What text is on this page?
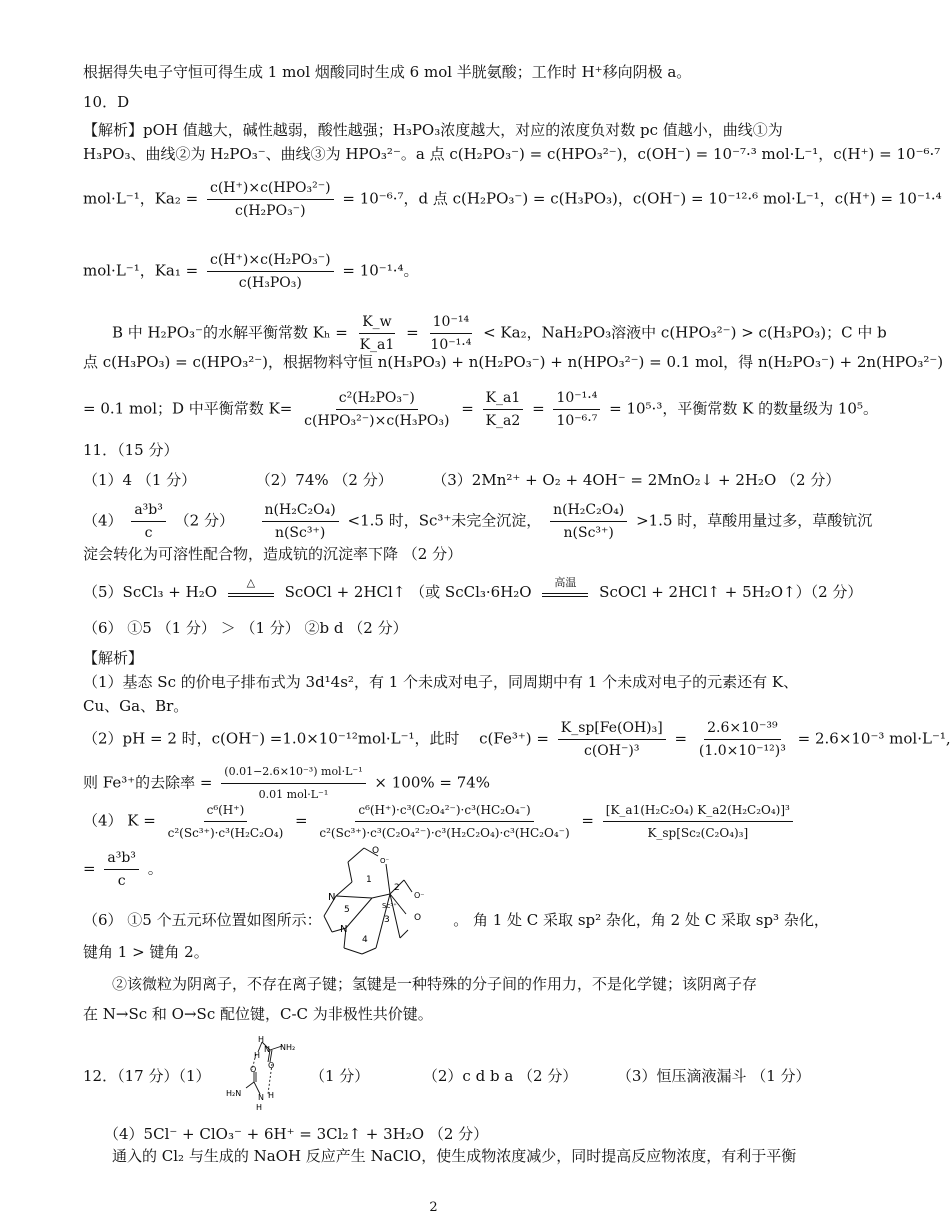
根据得失电子守恒可得生成 1 mol 烟酸同时生成 6 mol 半胱氨酸；工作时 H⁺移向阴极 a。
10．D
【解析】pOH 值越大，碱性越弱，酸性越强；H₃PO₃浓度越大，对应的浓度负对数 pc 值越小，曲线①为
H₃PO₃、曲线②为 H₂PO₃⁻、曲线③为 HPO₃²⁻。a 点 c(H₂PO₃⁻) = c(HPO₃²⁻)，c(OH⁻) = 10⁻⁷·³ mol·L⁻¹，c(H⁺) = 10⁻⁶·⁷
mol·L⁻¹，Ka₂ =
c(H⁺)×c(HPO₃²⁻)
c(H₂PO₃⁻)
= 10⁻⁶·⁷，d 点 c(H₂PO₃⁻) = c(H₃PO₃)，c(OH⁻) = 10⁻¹²·⁶ mol·L⁻¹，c(H⁺) = 10⁻¹·⁴
mol·L⁻¹，$Ka_1 = \frac{\text{c(H⁺)×c(H₂PO₃⁻)}}{\text{c(H₃PO₃)}} = 10^{-1}\cdot^4$。
B 中 H₂PO₃⁻的水解平衡常数 $K_h = \frac{K\_w}{K\_a1} = \frac{\text{10⁻¹⁴}}{\text{10⁻¹·⁴}} < Ka_2$，NaH₂PO₃溶液中 c(HPO₃²⁻) > c(H₃PO₃)；C 中 b
点 c(H₃PO₃) = c(HPO₃²⁻)，根据物料守恒 n(H₃PO₃) + n(H₂PO₃⁻) + n(HPO₃²⁻) = 0.1 mol，得 n(H₂PO₃⁻) + 2n(HPO₃²⁻)
= 0.1 mol；D 中平衡常数 K=
c²(H₂PO₃⁻)
c(HPO₃²⁻)×c(H₃PO₃)
= $\frac{K\_a1}{K\_a2} = \frac{\text{10⁻¹·⁴}}{\text{10⁻⁶·⁷}} = 10^5\cdot^3$，平衡常数 K 的数量级为 10⁵。
11．（15 分）
（1）4 （1 分）	（2）74% （2 分）	（3）2Mn²⁺ + O₂ + 4OH⁻ = 2MnO₂↓ + 2H₂O （2 分）
$(4) \frac{\text{a³b³}}{c} (2$ 分） $\frac{\text{n(H₂C₂O₄)}}{\text{n(Sc³⁺)}} <1.5$ 时，Sc³⁺未完全沉淀， $\frac{\text{n(H₂C₂O₄)}}{\text{n(Sc³⁺)}} >1.5$ 时，草酸用量过多，草酸钪沉
淀会转化为可溶性配合物，造成钪的沉淀率下降 （2 分）
（5）ScCl₃ + H₂O
△
ScOCl + 2HCl↑ （或 ScCl₃·6H₂O
高温
ScOCl + 2HCl↑ + 5H₂O↑）（2 分）
（6） ①5 （1 分） ＞ （1 分） ②b d （2 分）
【解析】
（1）基态 Sc 的价电子排布式为 3d¹4s²，有 1 个未成对电子，同周期中有 1 个未成对电子的元素还有 K、
Cu、Ga、Br。
（2）pH = 2 时，c(OH⁻) =1.0×10⁻¹²mol·L⁻¹，此时 $c(Fe^{3+}) = \frac{\text{K\_sp[Fe(OH)₃]}}{\text{c(OH⁻)³}} = \frac{\text{2.6×10⁻³⁹}}{\text{(1.0×10⁻¹²)³}} = 2.6\times 10^{-3}$ mol·L⁻¹,
则 Fe³⁺的去除率 =
(0.01−2.6×10⁻³) mol·L⁻¹
0.01 mol·L⁻¹
× 100% = 74%
（4） $K = \frac{\text{c⁶(H⁺)}}{\text{c²(Sc³⁺)·c³(H₂C₂O₄)}} = \frac{\text{c⁶(H⁺)·c³(C₂O₄²⁻)·c³(HC₂O₄⁻)}}{\text{c²(Sc³⁺)·c³(C₂O₄²⁻)·c³(H₂C₂O₄)·c³(HC₂O₄⁻)}} = \frac{\text{[K\_a1(H₂C₂O₄) K\_a2(H₂C₂O₄)]³}}{\text{K\_sp[Sc₂(C₂O₄)₃]}}$
= $\frac{\text{a³b³}}{c}$ 。
O
O⁻
N
N
Sc³⁺
O⁻
O
1
2
3
4
5
（6） ①5 个五元环位置如图所示：	。 角 1 处 C 采取 sp² 杂化，角 2 处 C 采取 sp³ 杂化，
键角 1 > 键角 2。
②该微粒为阴离子，不存在离子键；氢键是一种特殊的分子间的作用力，不是化学键；该阴离子存
在 N→Sc 和 O→Sc 配位键，C-C 为非极性共价键。
12．（17 分）（1）
H
N NH₂
H
O
O
H₂N N
H
H
（1 分）	（2）c d b a （2 分）	（3）恒压滴液漏斗 （1 分）
（4）5Cl⁻ + ClO₃⁻ + 6H⁺ = 3Cl₂↑ + 3H₂O （2 分）
通入的 Cl₂ 与生成的 NaOH 反应产生 NaClO，使生成物浓度减少，同时提高反应物浓度，有利于平衡
2
